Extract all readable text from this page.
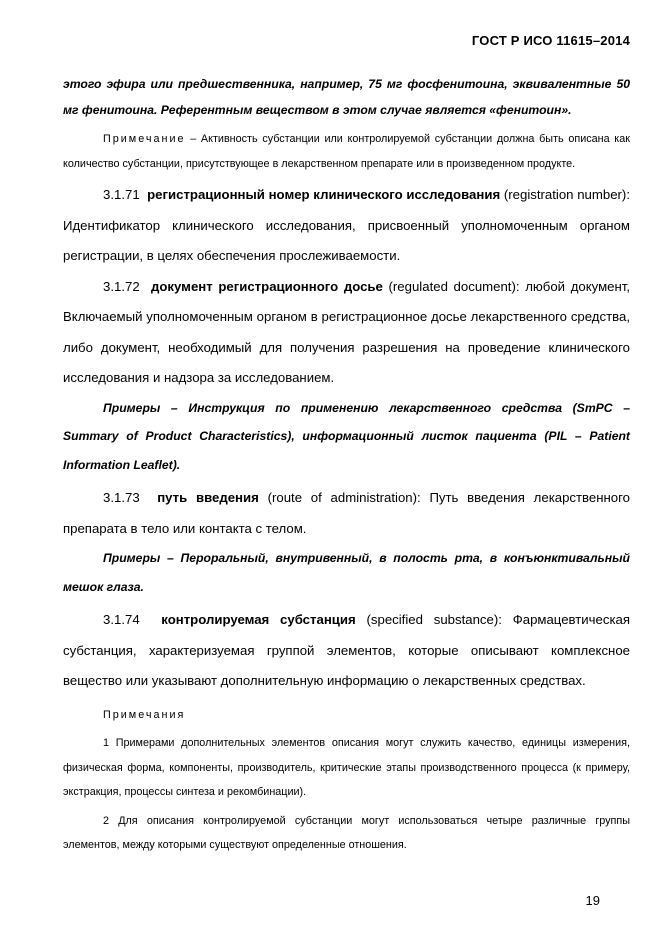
ГОСТ Р ИСО 11615–2014

этого эфира или предшественника, например, 75 мг фосфенитоина, эквивалентные 50 мг фенитоина. Референтным веществом в этом случае является «фенитоин».

Примечание – Активность субстанции или контролируемой субстанции должна быть описана как количество субстанции, присутствующее в лекарственном препарате или в произведенном продукте.

3.1.71 регистрационный номер клинического исследования (registration number): Идентификатор клинического исследования, присвоенный уполномоченным органом регистрации, в целях обеспечения прослеживаемости.

3.1.72 документ регистрационного досье (regulated document): любой документ, Включаемый уполномоченным органом в регистрационное досье лекарственного средства, либо документ, необходимый для получения разрешения на проведение клинического исследования и надзора за исследованием.

Примеры – Инструкция по применению лекарственного средства (SmPC – Summary of Product Characteristics), информационный листок пациента (PIL – Patient Information Leaflet).

3.1.73 путь введения (route of administration): Путь введения лекарственного препарата в тело или контакта с телом.

Примеры – Пероральный, внутривенный, в полость рта, в конъюнктивальный мешок глаза.

3.1.74 контролируемая субстанция (specified substance): Фармацевтическая субстанция, характеризуемая группой элементов, которые описывают комплексное вещество или указывают дополнительную информацию о лекарственных средствах.

Примечания

1 Примерами дополнительных элементов описания могут служить качество, единицы измерения, физическая форма, компоненты, производитель, критические этапы производственного процесса (к примеру, экстракция, процессы синтеза и рекомбинации).

2 Для описания контролируемой субстанции могут использоваться четыре различные группы элементов, между которыми существуют определенные отношения.

19
